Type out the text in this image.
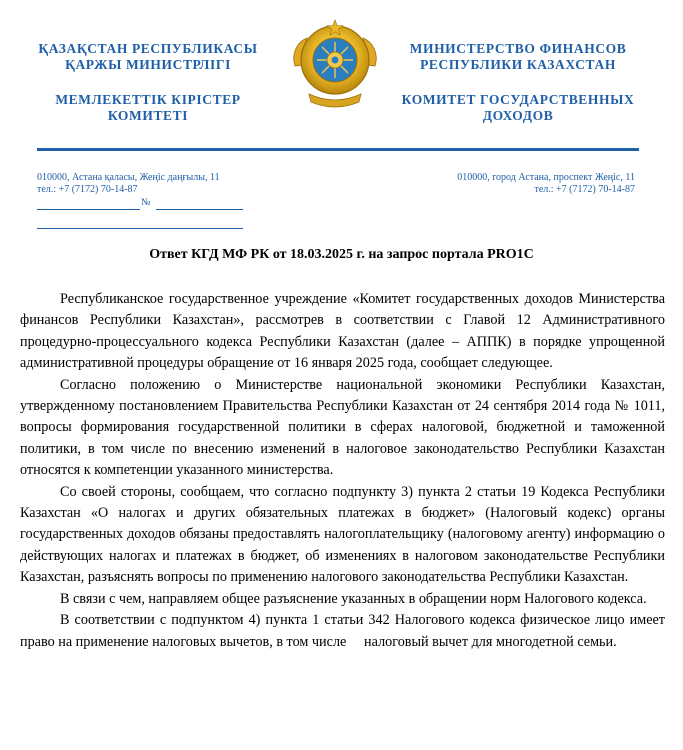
ҚАЗАҚСТАН РЕСПУБЛИКАСЫ
ҚАРЖЫ МИНИСТРЛІГІ
МЕМЛЕКЕТТІК КІРІСТЕР
КОМИТЕТІ
МИНИСТЕРСТВО ФИНАНСОВ
РЕСПУБЛИКИ КАЗАХСТАН
КОМИТЕТ ГОСУДАРСТВЕННЫХ
ДОХОДОВ
010000, Астана қаласы, Жеңіс даңғылы, 11
тел.: +7 (7172) 70-14-87
010000, город Астана, проспект Жеңіс, 11
тел.: +7 (7172) 70-14-87
№
Ответ КГД МФ РК от 18.03.2025 г. на запрос портала PRO1C

Республиканское государственное учреждение «Комитет государственных доходов Министерства финансов Республики Казахстан», рассмотрев в соответствии с Главой 12 Административного процедурно-процессуального кодекса Республики Казахстан (далее – АППК) в порядке упрощенной административной процедуры обращение от 16 января 2025 года, сообщает следующее.

Согласно положению о Министерстве национальной экономики Республики Казахстан, утвержденному постановлением Правительства Республики Казахстан от 24 сентября 2014 года № 1011, вопросы формирования государственной политики в сферах налоговой, бюджетной и таможенной политики, в том числе по внесению изменений в налоговое законодательство Республики Казахстан относятся к компетенции указанного министерства.

Со своей стороны, сообщаем, что согласно подпункту 3) пункта 2 статьи 19 Кодекса Республики Казахстан «О налогах и других обязательных платежах в бюджет» (Налоговый кодекс) органы государственных доходов обязаны предоставлять налогоплательщику (налоговому агенту) информацию о действующих налогах и платежах в бюджет, об изменениях в налоговом законодательстве Республики Казахстан, разъяснять вопросы по применению налогового законодательства Республики Казахстан.

В связи с чем, направляем общее разъяснение указанных в обращении норм Налогового кодекса.

В соответствии с подпунктом 4) пункта 1 статьи 342 Налогового кодекса физическое лицо имеет право на применение налоговых вычетов, в том числе     налоговый вычет для многодетной семьи.
